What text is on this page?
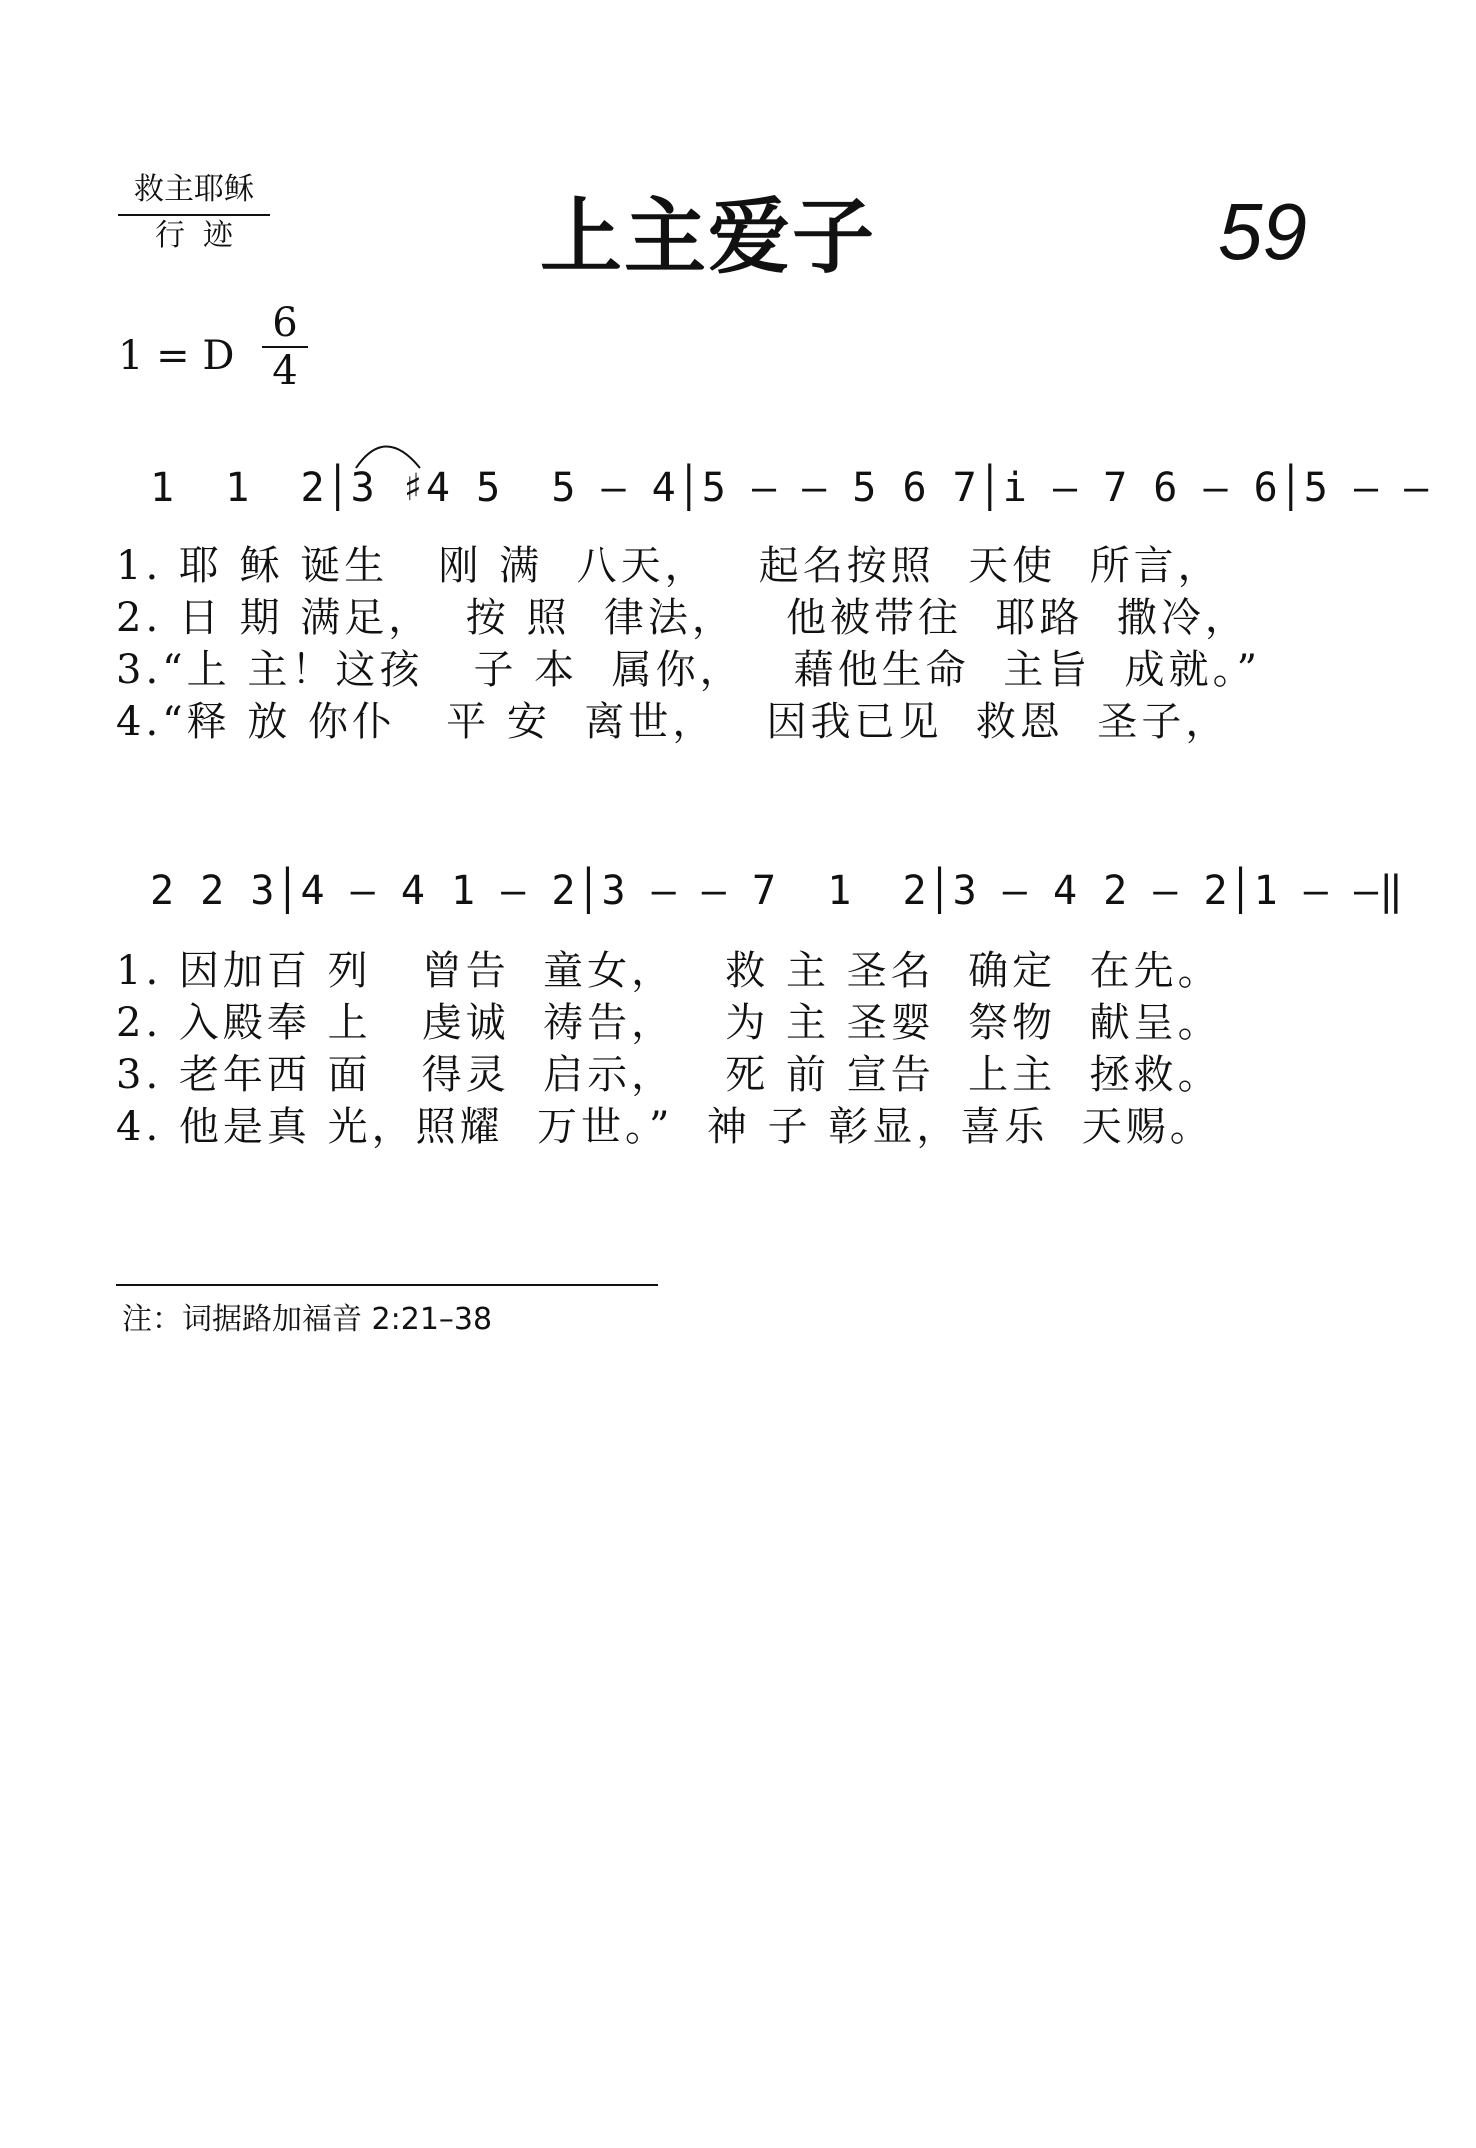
救主耶稣
行迹	上主爱子	59
1 = D $\frac{6}{4}$
1  1  2│3 ♯4 5  5 – 4│5 – – 5 6 7│i – 7 6 – 6│5 – –
1. 耶 稣 诞生   刚 满  八天，   起名按照  天使  所言，
2. 日 期 满足，  按 照  律法，   他被带往  耶路  撒冷，
3.“上 主！这孩   子 本  属你，   藉他生命  主旨  成就。”
4.“释 放 你仆   平 安  离世，   因我已见  救恩  圣子，
2 2 3│4 – 4 1 – 2│3 – – 7  1  2│3 – 4 2 – 2│1 – –‖
1. 因加百 列   曾告  童女，   救 主 圣名  确定  在先。
2. 入殿奉 上   虔诚  祷告，   为 主 圣婴  祭物  献呈。
3. 老年西 面   得灵  启示，   死 前 宣告  上主  拯救。
4. 他是真 光，照耀  万世。”  神 子 彰显，喜乐  天赐。
注：词据路加福音 2:21–38
